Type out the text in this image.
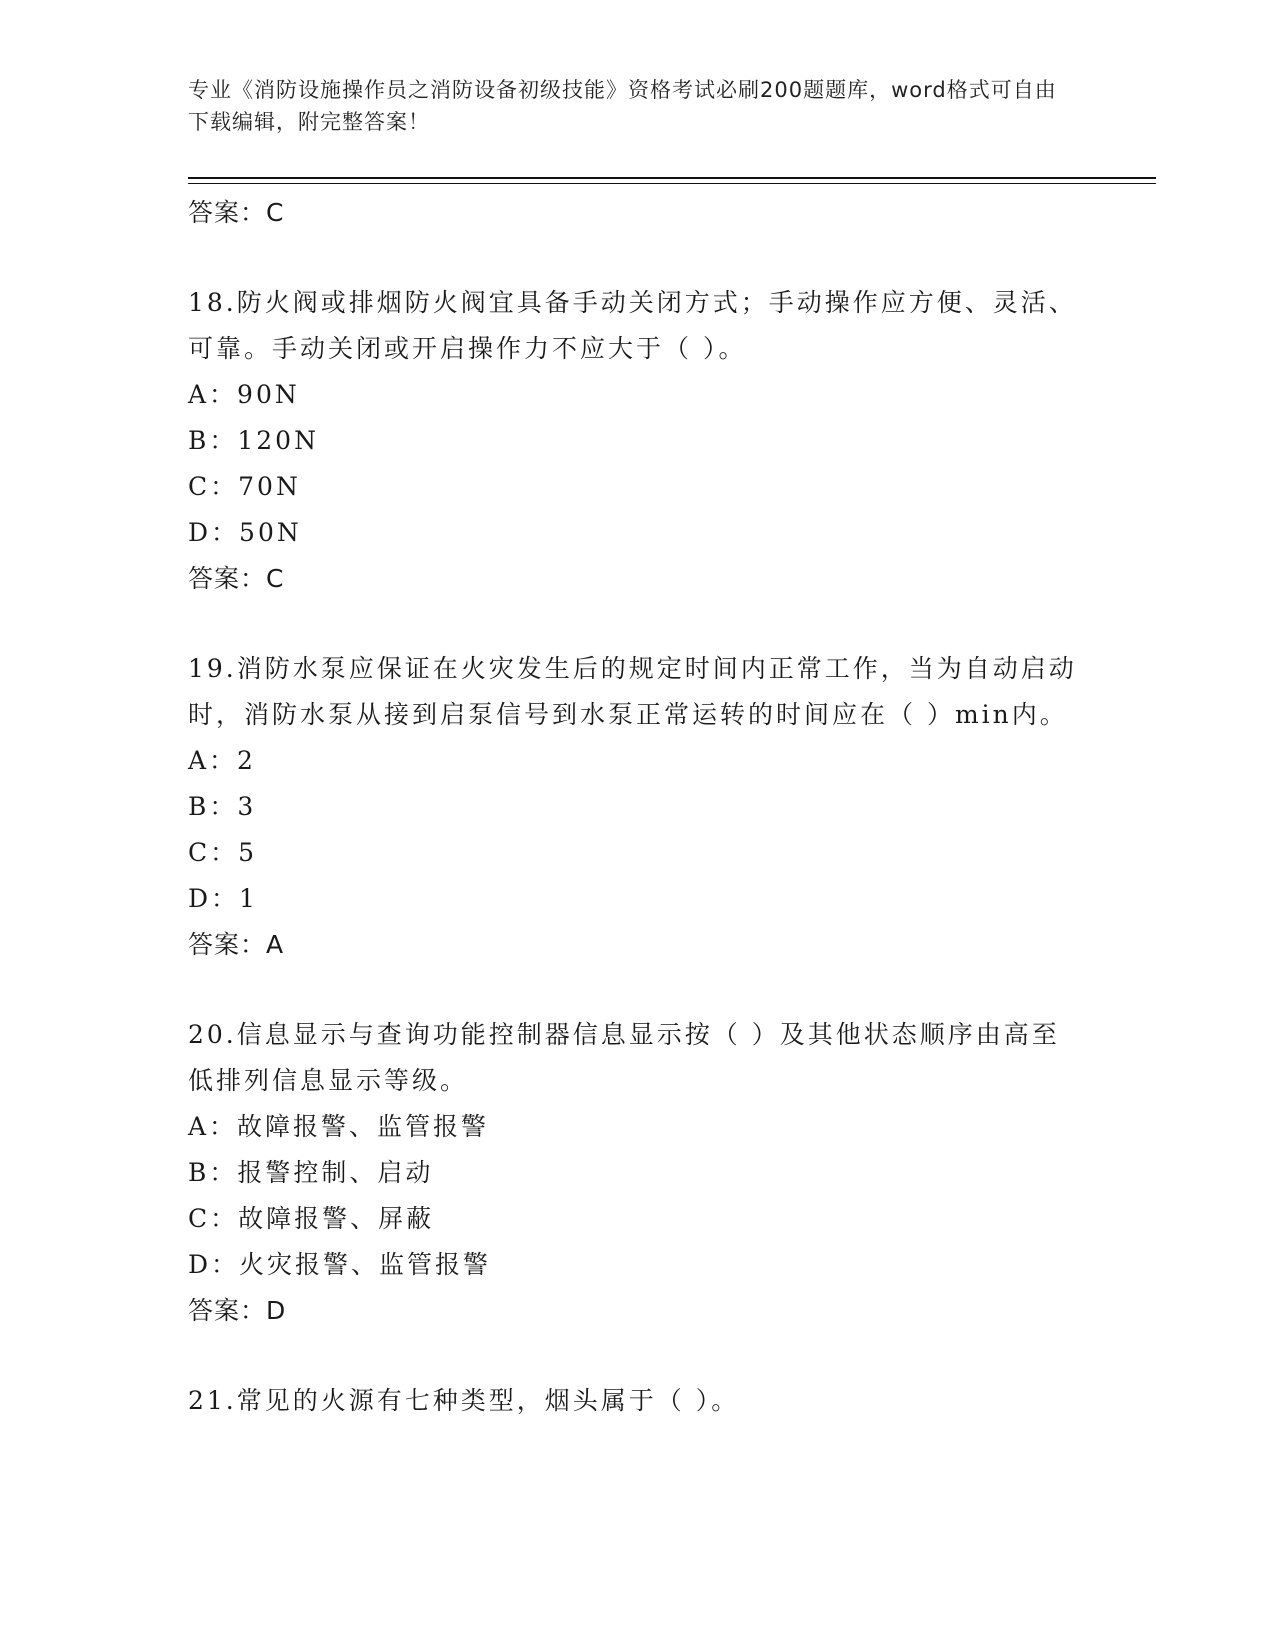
专业《消防设施操作员之消防设备初级技能》资格考试必刷200题题库，word格式可自由下载编辑，附完整答案！
答案：C
18.防火阀或排烟防火阀宜具备手动关闭方式；手动操作应方便、灵活、可靠。手动关闭或开启操作力不应大于（ ）。
A：90N
B：120N
C：70N
D：50N
答案：C
19.消防水泵应保证在火灾发生后的规定时间内正常工作，当为自动启动时，消防水泵从接到启泵信号到水泵正常运转的时间应在（ ）min内。
A：2
B：3
C：5
D：1
答案：A
20.信息显示与查询功能控制器信息显示按（ ）及其他状态顺序由高至低排列信息显示等级。
A：故障报警、监管报警
B：报警控制、启动
C：故障报警、屏蔽
D：火灾报警、监管报警
答案：D
21.常见的火源有七种类型，烟头属于（ ）。
